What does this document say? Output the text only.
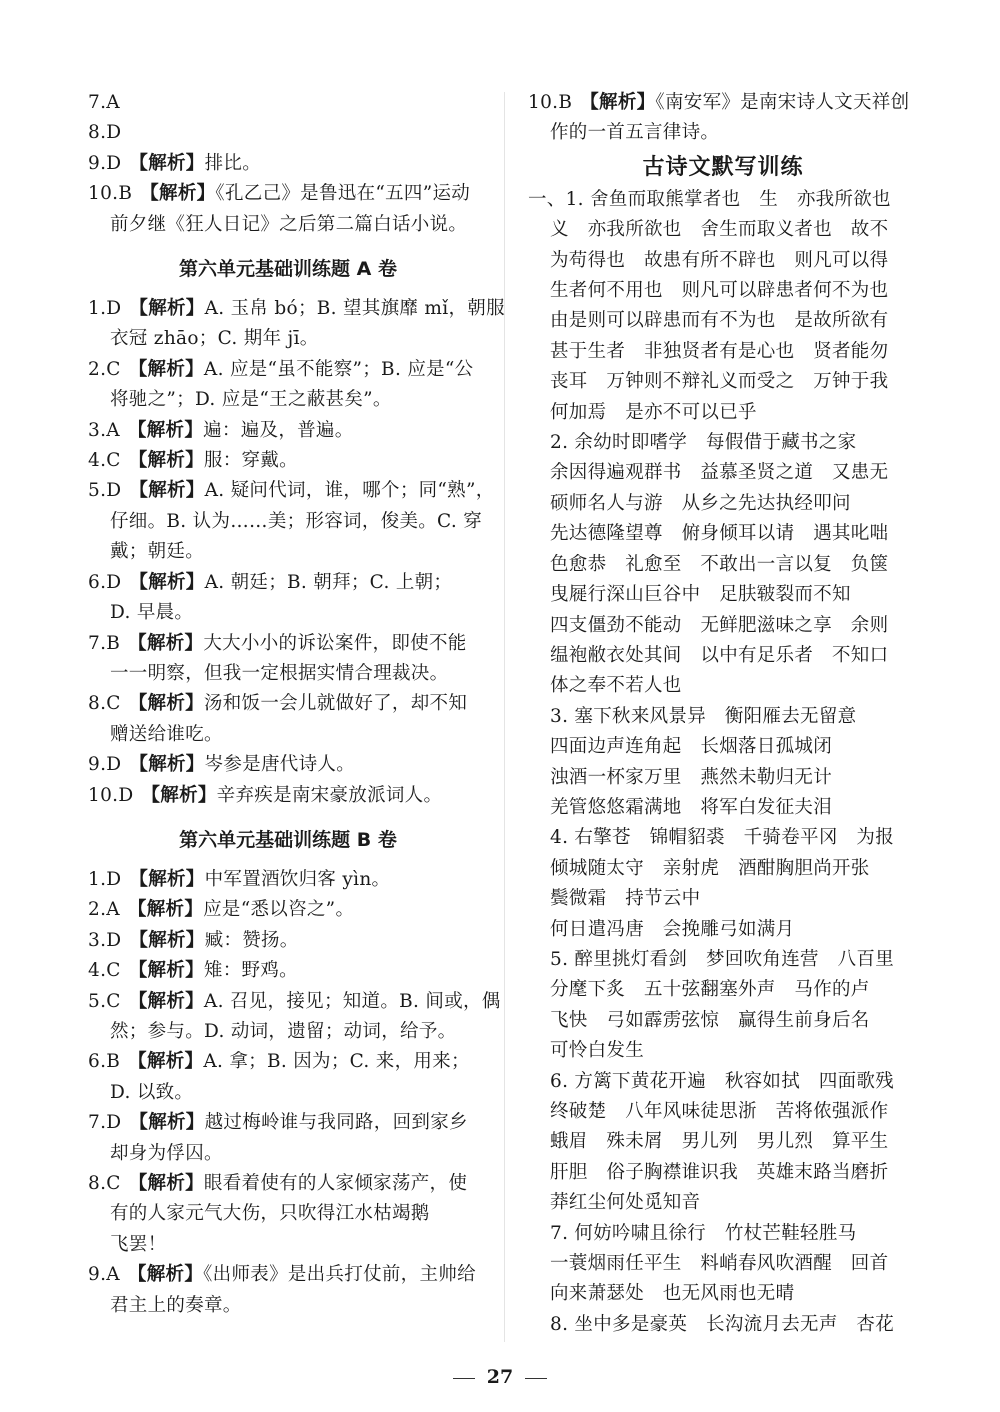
7.A
8.D
9.D 【解析】排比。
10.B 【解析】《孔乙己》是鲁迅在“五四”运动
前夕继《狂人日记》之后第二篇白话小说。
第六单元基础训练题 A 卷
1.D 【解析】A. 玉帛 bó；B. 望其旗靡 mǐ，朝服
衣冠 zhāo；C. 期年 jī。
2.C 【解析】A. 应是“虽不能察”；B. 应是“公
将驰之”；D. 应是“王之蔽甚矣”。
3.A 【解析】遍：遍及，普遍。
4.C 【解析】服：穿戴。
5.D 【解析】A. 疑问代词，谁，哪个；同“熟”，
仔细。B. 认为……美；形容词，俊美。C. 穿
戴；朝廷。
6.D 【解析】A. 朝廷；B. 朝拜；C. 上朝；
D. 早晨。
7.B 【解析】大大小小的诉讼案件，即使不能
一一明察，但我一定根据实情合理裁决。
8.C 【解析】汤和饭一会儿就做好了，却不知
赠送给谁吃。
9.D 【解析】岑参是唐代诗人。
10.D 【解析】辛弃疾是南宋豪放派词人。
第六单元基础训练题 B 卷
1.D 【解析】中军置酒饮归客 yìn。
2.A 【解析】应是“悉以咨之”。
3.D 【解析】臧：赞扬。
4.C 【解析】雉：野鸡。
5.C 【解析】A. 召见，接见；知道。B. 间或，偶
然；参与。D. 动词，遗留；动词，给予。
6.B 【解析】A. 拿；B. 因为；C. 来，用来；
D. 以致。
7.D 【解析】越过梅岭谁与我同路，回到家乡
却身为俘囚。
8.C 【解析】眼看着使有的人家倾家荡产，使
有的人家元气大伤，只吹得江水枯竭鹅
飞罢！
9.A 【解析】《出师表》是出兵打仗前，主帅给
君主上的奏章。
10.B 【解析】《南安军》是南宋诗人文天祥创
作的一首五言律诗。
古诗文默写训练
一、1. 舍鱼而取熊掌者也　生　亦我所欲也
义　亦我所欲也　舍生而取义者也　故不
为苟得也　故患有所不辟也　则凡可以得
生者何不用也　则凡可以辟患者何不为也
由是则可以辟患而有不为也　是故所欲有
甚于生者　非独贤者有是心也　贤者能勿
丧耳　万钟则不辩礼义而受之　万钟于我
何加焉　是亦不可以已乎
2. 余幼时即嗜学　每假借于藏书之家
余因得遍观群书　益慕圣贤之道　又患无
硕师名人与游　从乡之先达执经叩问
先达德隆望尊　俯身倾耳以请　遇其叱咄
色愈恭　礼愈至　不敢出一言以复　负箧
曳屣行深山巨谷中　足肤皲裂而不知
四支僵劲不能动　无鲜肥滋味之享　余则
缊袍敝衣处其间　以中有足乐者　不知口
体之奉不若人也
3. 塞下秋来风景异　衡阳雁去无留意
四面边声连角起　长烟落日孤城闭
浊酒一杯家万里　燕然未勒归无计
羌管悠悠霜满地　将军白发征夫泪
4. 右擎苍　锦帽貂裘　千骑卷平冈　为报
倾城随太守　亲射虎　酒酣胸胆尚开张
鬓微霜　持节云中
何日遣冯唐　会挽雕弓如满月
5. 醉里挑灯看剑　梦回吹角连营　八百里
分麾下炙　五十弦翻塞外声　马作的卢
飞快　弓如霹雳弦惊　赢得生前身后名
可怜白发生
6. 方篱下黄花开遍　秋容如拭　四面歌残
终破楚　八年风味徒思浙　苦将侬强派作
蛾眉　殊未屑　男儿列　男儿烈　算平生
肝胆　俗子胸襟谁识我　英雄末路当磨折
莽红尘何处觅知音
7. 何妨吟啸且徐行　竹杖芒鞋轻胜马
一蓑烟雨任平生　料峭春风吹酒醒　回首
向来萧瑟处　也无风雨也无晴
8. 坐中多是豪英　长沟流月去无声　杏花
27
